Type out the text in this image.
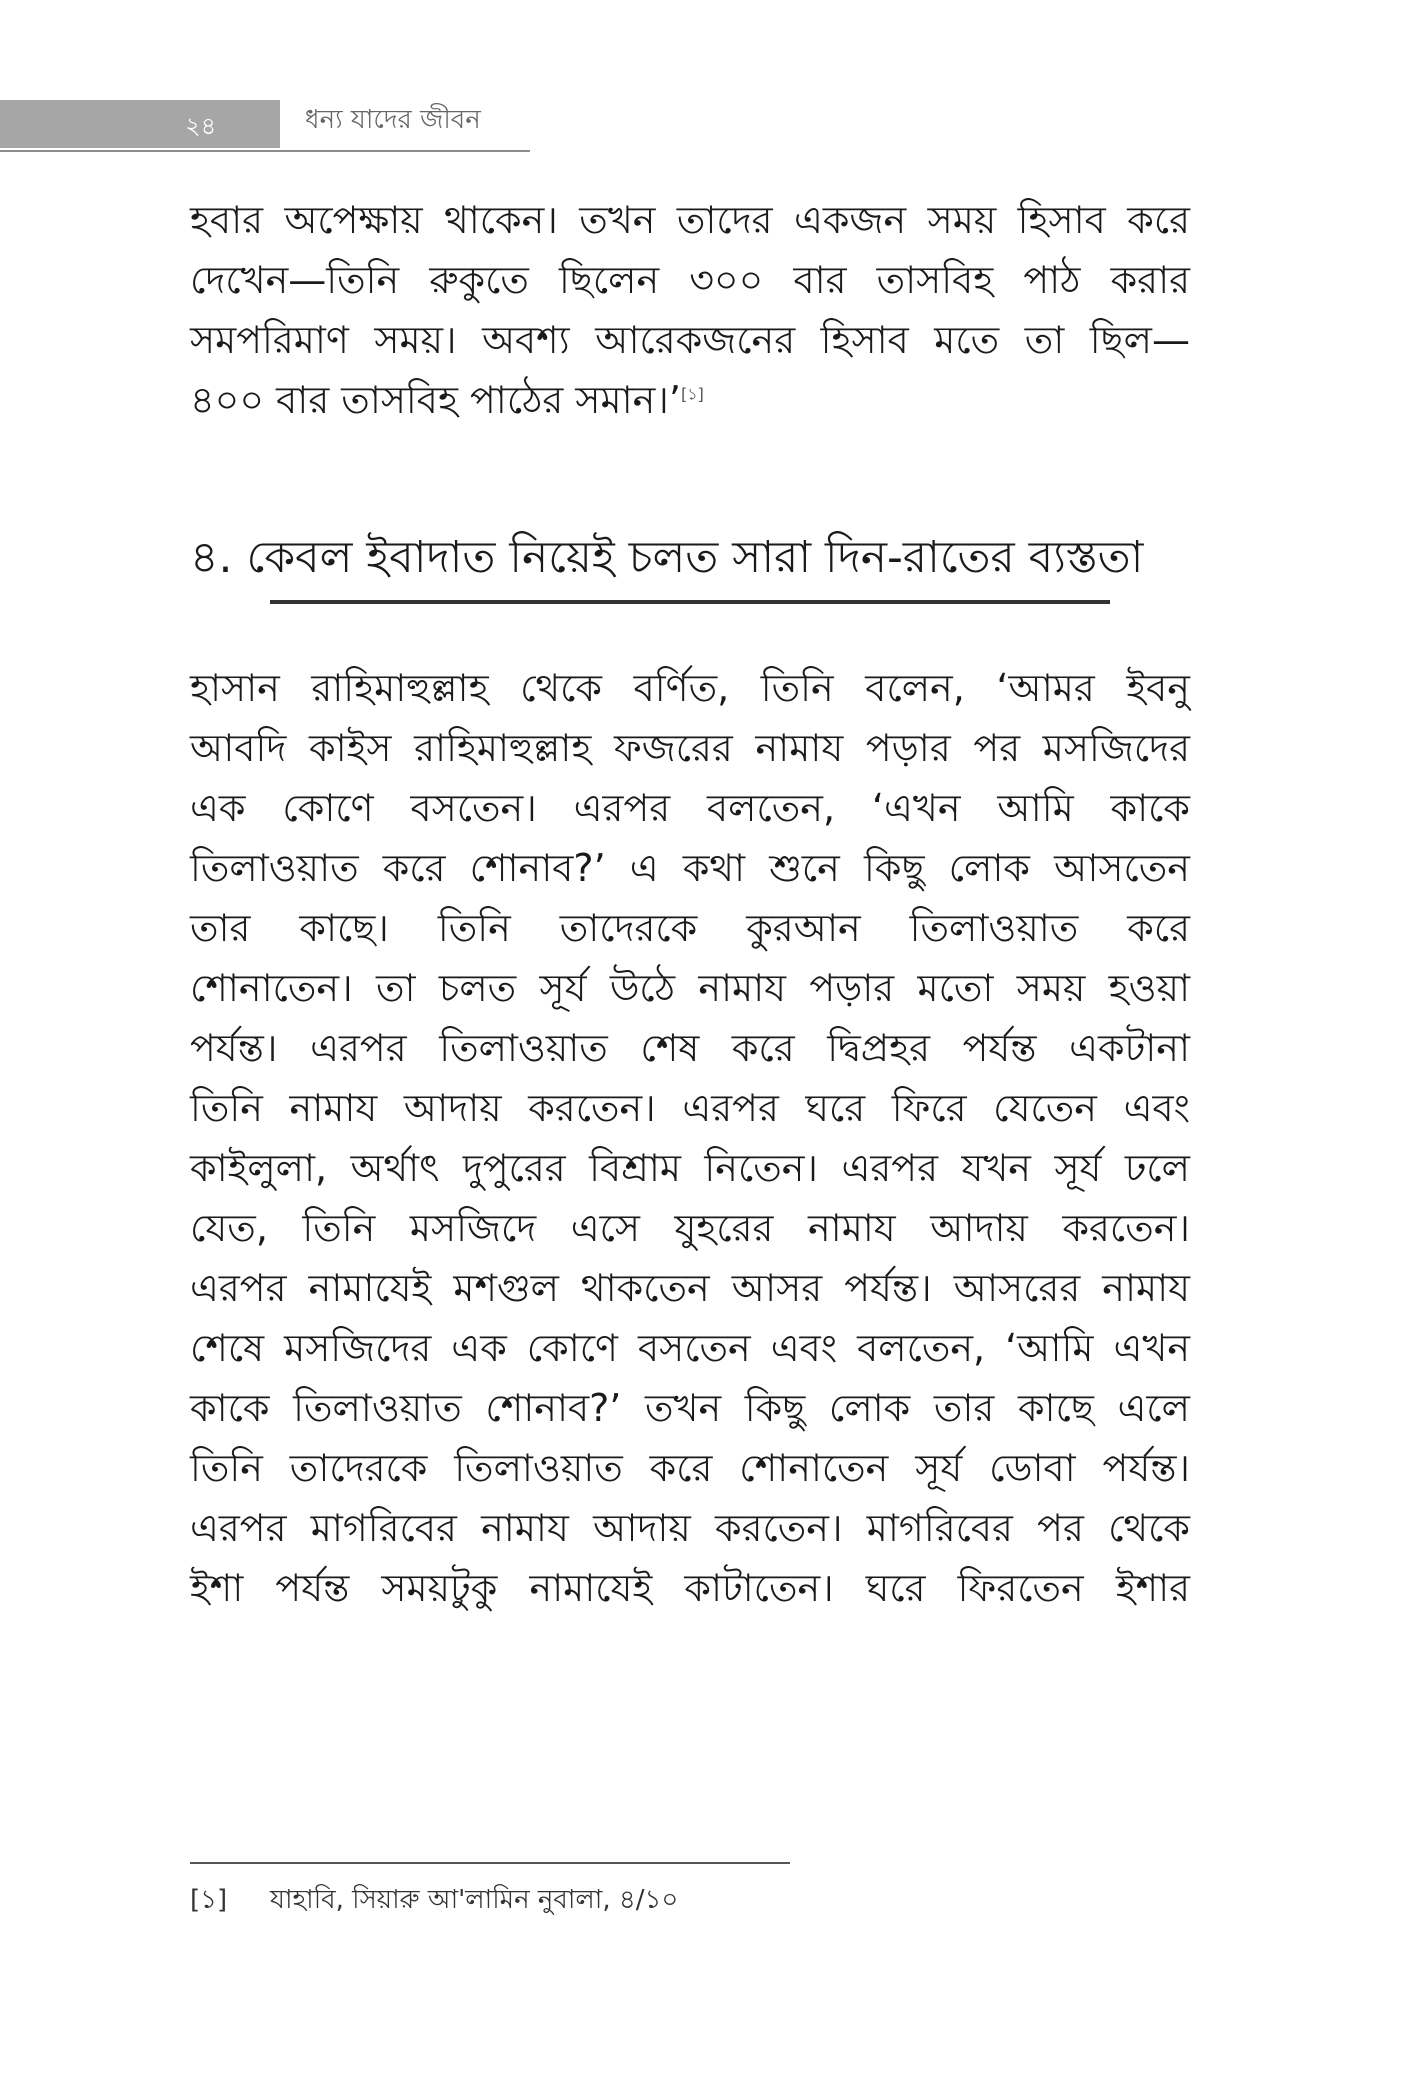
২৪	ধন্য যাদের জীবন
হবার অপেক্ষায় থাকেন। তখন তাদের একজন সময় হিসাব করে
দেখেন—তিনি রুকুতে ছিলেন ৩০০ বার তাসবিহ পাঠ করার
সমপরিমাণ সময়। অবশ্য আরেকজনের হিসাব মতে তা ছিল—
৪০০ বার তাসবিহ পাঠের সমান।’[১]
৪. কেবল ইবাদাত নিয়েই চলত সারা দিন-রাতের ব্যস্ততা
হাসান রাহিমাহুল্লাহ থেকে বর্ণিত, তিনি বলেন, ‘আমর ইবনু
আবদি কাইস রাহিমাহুল্লাহ ফজরের নামায পড়ার পর মসজিদের
এক কোণে বসতেন। এরপর বলতেন, ‘এখন আমি কাকে
তিলাওয়াত করে শোনাব?’ এ কথা শুনে কিছু লোক আসতেন
তার কাছে। তিনি তাদেরকে কুরআন তিলাওয়াত করে
শোনাতেন। তা চলত সূর্য উঠে নামায পড়ার মতো সময় হওয়া
পর্যন্ত। এরপর তিলাওয়াত শেষ করে দ্বিপ্রহর পর্যন্ত একটানা
তিনি নামায আদায় করতেন। এরপর ঘরে ফিরে যেতেন এবং
কাইলুলা, অর্থাৎ দুপুরের বিশ্রাম নিতেন। এরপর যখন সূর্য ঢলে
যেত, তিনি মসজিদে এসে যুহরের নামায আদায় করতেন।
এরপর নামাযেই মশগুল থাকতেন আসর পর্যন্ত। আসরের নামায
শেষে মসজিদের এক কোণে বসতেন এবং বলতেন, ‘আমি এখন
কাকে তিলাওয়াত শোনাব?’ তখন কিছু লোক তার কাছে এলে
তিনি তাদেরকে তিলাওয়াত করে শোনাতেন সূর্য ডোবা পর্যন্ত।
এরপর মাগরিবের নামায আদায় করতেন। মাগরিবের পর থেকে
ইশা পর্যন্ত সময়টুকু নামাযেই কাটাতেন। ঘরে ফিরতেন ইশার
[১] যাহাবি, সিয়ারু আ'লামিন নুবালা, ৪/১০
